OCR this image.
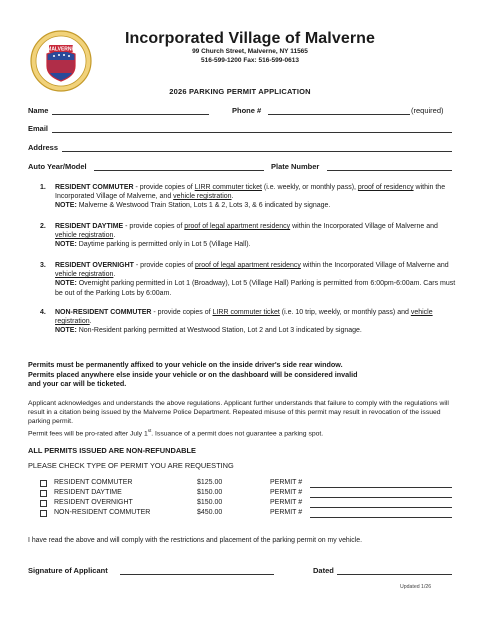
MALVERNE
Incorporated Village of Malverne
99 Church Street, Malverne, NY 11565
516-599-1200 Fax: 516-599-0613
2026 PARKING PERMIT APPLICATION
Name	Phone #	(required)
Email
Address
Auto Year/Model	Plate Number
1. RESIDENT COMMUTER - provide copies of LIRR commuter ticket (i.e. weekly, or monthly pass), proof of residency within the Incorporated Village of Malverne, and vehicle registration.
NOTE: Malverne & Westwood Train Station, Lots 1 & 2, Lots 3, & 6 indicated by signage.
2. RESIDENT DAYTIME - provide copies of proof of legal apartment residency within the Incorporated Village of Malverne and vehicle registration.
NOTE: Daytime parking is permitted only in Lot 5 (Village Hall).
3. RESIDENT OVERNIGHT - provide copies of proof of legal apartment residency within the Incorporated Village of Malverne and vehicle registration.
NOTE: Overnight parking permitted in Lot 1 (Broadway), Lot 5 (Village Hall) Parking is permitted from 6:00pm-6:00am. Cars must be out of the Parking Lots by 6:00am.
4. NON-RESIDENT COMMUTER - provide copies of LIRR commuter ticket (i.e. 10 trip, weekly, or monthly pass) and vehicle registration.
NOTE: Non-Resident parking permitted at Westwood Station, Lot 2 and Lot 3 indicated by signage.
Permits must be permanently affixed to your vehicle on the inside driver's side rear window.
Permits placed anywhere else inside your vehicle or on the dashboard will be considered invalid
and your car will be ticketed.
Applicant acknowledges and understands the above regulations. Applicant further understands that failure to comply with the regulations will result in a citation being issued by the Malverne Police Department. Repeated misuse of this permit may result in revocation of the issued parking permit.
Permit fees will be pro-rated after July 1st. Issuance of a permit does not guarantee a parking spot.
ALL PERMITS ISSUED ARE NON-REFUNDABLE
PLEASE CHECK TYPE OF PERMIT YOU ARE REQUESTING
RESIDENT COMMUTER	$125.00	PERMIT #
RESIDENT DAYTIME	$150.00	PERMIT #
RESIDENT OVERNIGHT	$150.00	PERMIT #
NON-RESIDENT COMMUTER	$450.00	PERMIT #
I have read the above and will comply with the restrictions and placement of the parking permit on my vehicle.
Signature of Applicant	Dated
Updated 1/26
